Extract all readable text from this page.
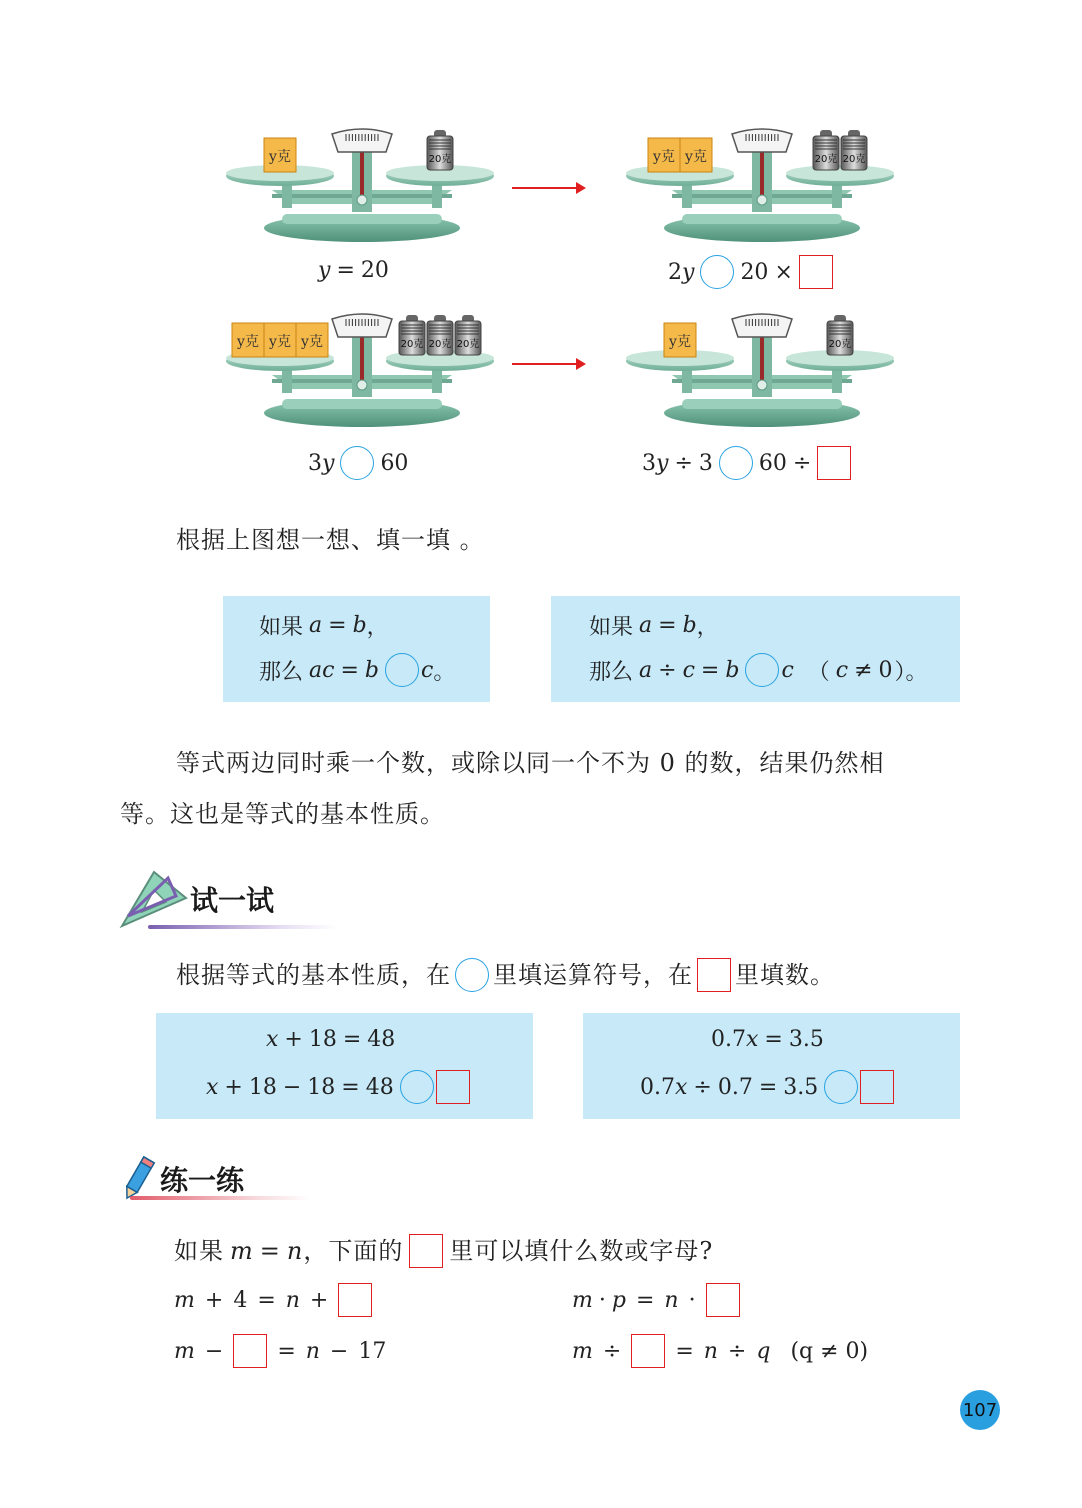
y克	20克	y克 y克	20克 20克
y = 20	2y 20 ×
y克 y克 y克	20克 20克 20克	y克	20克
3y 60	3y ÷ 3 60 ÷
根据上图想一想、填一填 。
如果 a = b ，
那么 ac = b c 。
如果 a = b ，
那么 a ÷ c = b c （ c ≠ 0 ）。
等式两边同时乘一个数，或除以同一个不为 0 的数，结果仍然相
等。这也是等式的基本性质。
试一试
根据等式的基本性质，在 里填运算符号，在 里填数。
x + 18 = 48
x + 18 − 18 = 48
0.7x = 3.5
0.7x ÷ 0.7 = 3.5
练一练
如果 m = n ，下面的 里可以填什么数或字母?
m + 4 = n +	m · p = n ·
m − = n − 17	m ÷ = n ÷ q (q ≠ 0)
107
